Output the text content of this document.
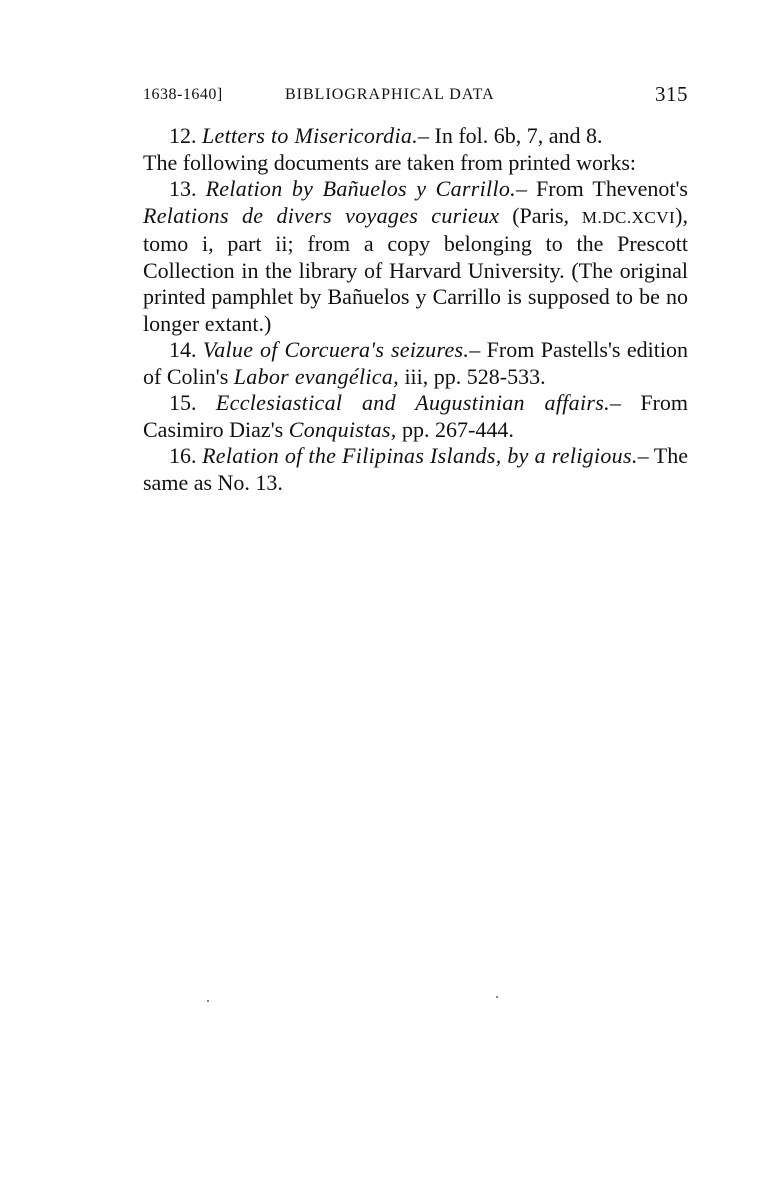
1638-1640]	BIBLIOGRAPHICAL DATA	315

12. Letters to Misericordia.– In fol. 6b, 7, and 8.

The following documents are taken from printed works:

13. Relation by Bañuelos y Carrillo.– From Thevenot's Relations de divers voyages curieux (Paris, M.DC.XCVI), tomo i, part ii; from a copy belonging to the Prescott Collection in the library of Harvard University. (The original printed pamphlet by Bañuelos y Carrillo is supposed to be no longer extant.)

14. Value of Corcuera's seizures.– From Pastells's edition of Colin's Labor evangélica, iii, pp. 528-533.

15. Ecclesiastical and Augustinian affairs.– From Casimiro Diaz's Conquistas, pp. 267-444.

16. Relation of the Filipinas Islands, by a religious.– The same as No. 13.
